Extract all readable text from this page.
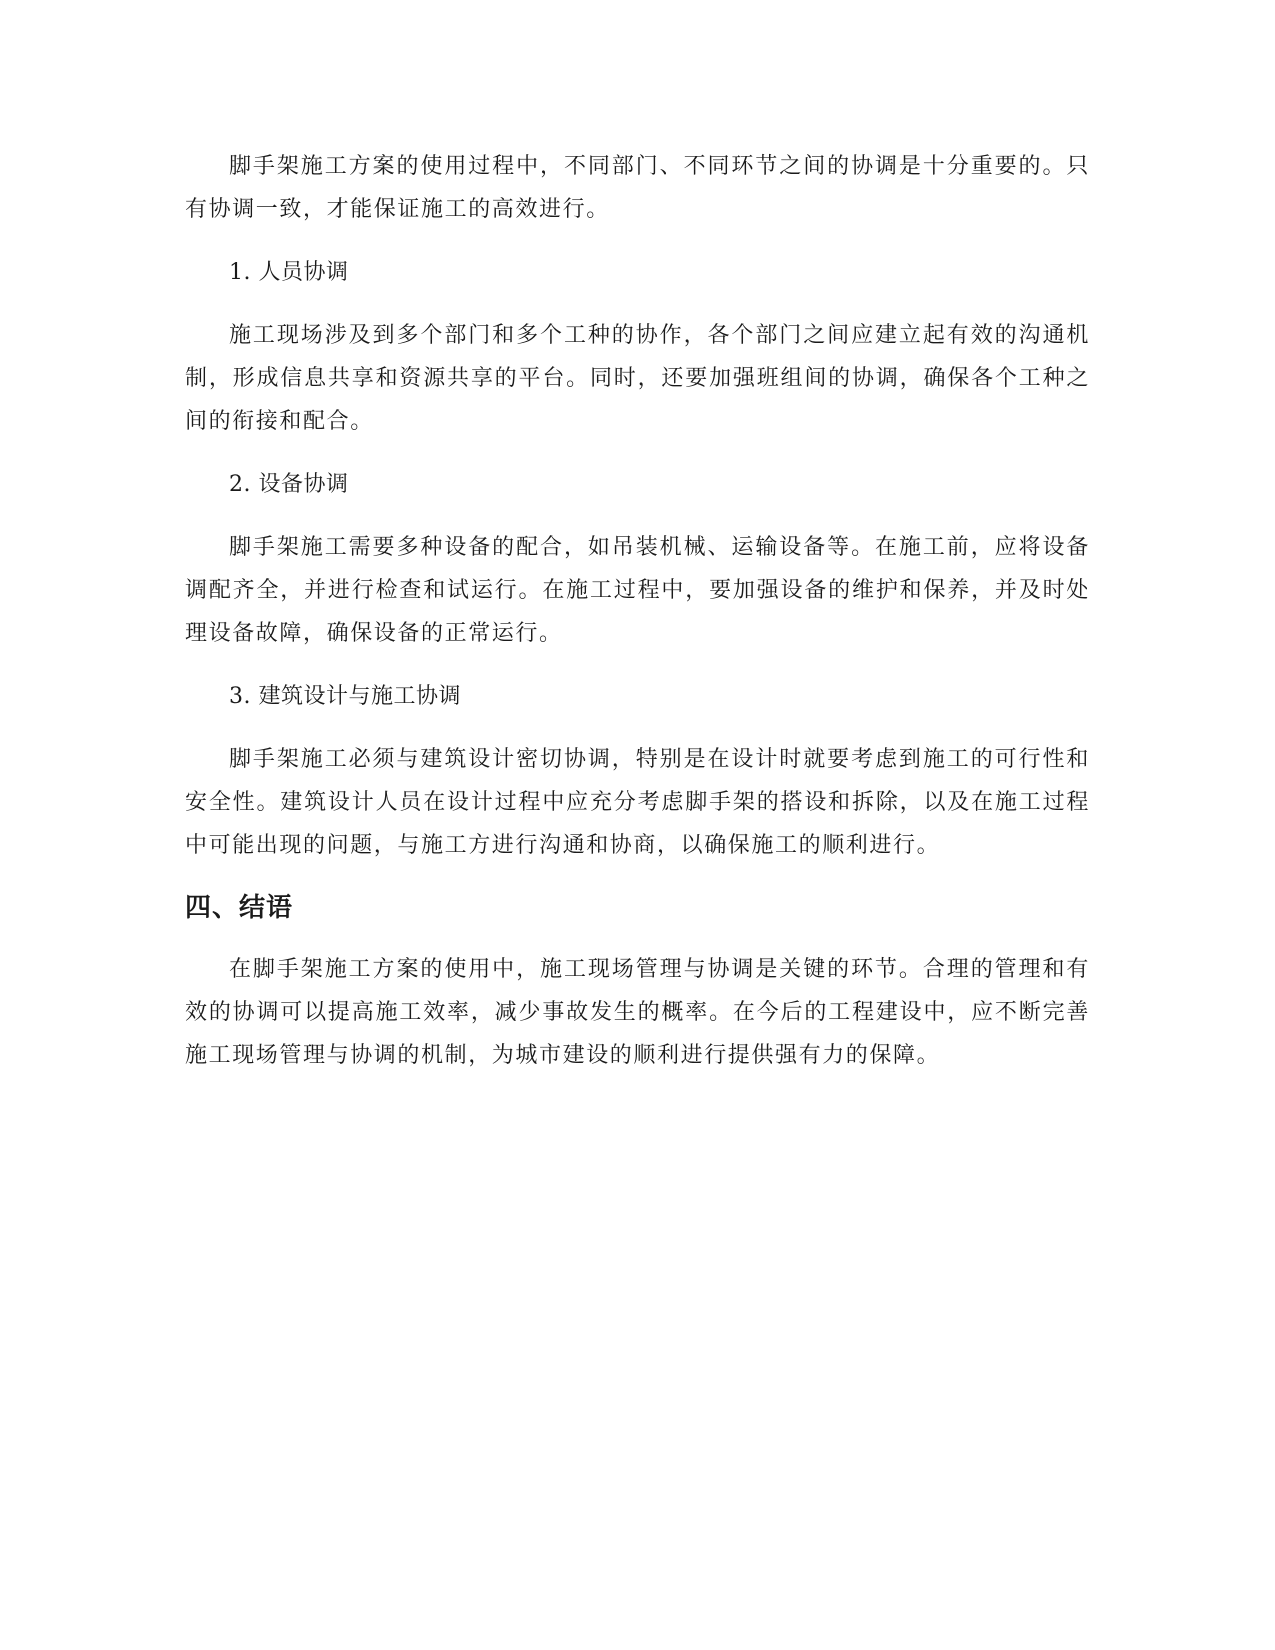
脚手架施工方案的使用过程中，不同部门、不同环节之间的协调是十分重要的。只有协调一致，才能保证施工的高效进行。

1. 人员协调

施工现场涉及到多个部门和多个工种的协作，各个部门之间应建立起有效的沟通机制，形成信息共享和资源共享的平台。同时，还要加强班组间的协调，确保各个工种之间的衔接和配合。

2. 设备协调

脚手架施工需要多种设备的配合，如吊装机械、运输设备等。在施工前，应将设备调配齐全，并进行检查和试运行。在施工过程中，要加强设备的维护和保养，并及时处理设备故障，确保设备的正常运行。

3. 建筑设计与施工协调

脚手架施工必须与建筑设计密切协调，特别是在设计时就要考虑到施工的可行性和安全性。建筑设计人员在设计过程中应充分考虑脚手架的搭设和拆除，以及在施工过程中可能出现的问题，与施工方进行沟通和协商，以确保施工的顺利进行。

四、结语

在脚手架施工方案的使用中，施工现场管理与协调是关键的环节。合理的管理和有效的协调可以提高施工效率，减少事故发生的概率。在今后的工程建设中，应不断完善施工现场管理与协调的机制，为城市建设的顺利进行提供强有力的保障。
